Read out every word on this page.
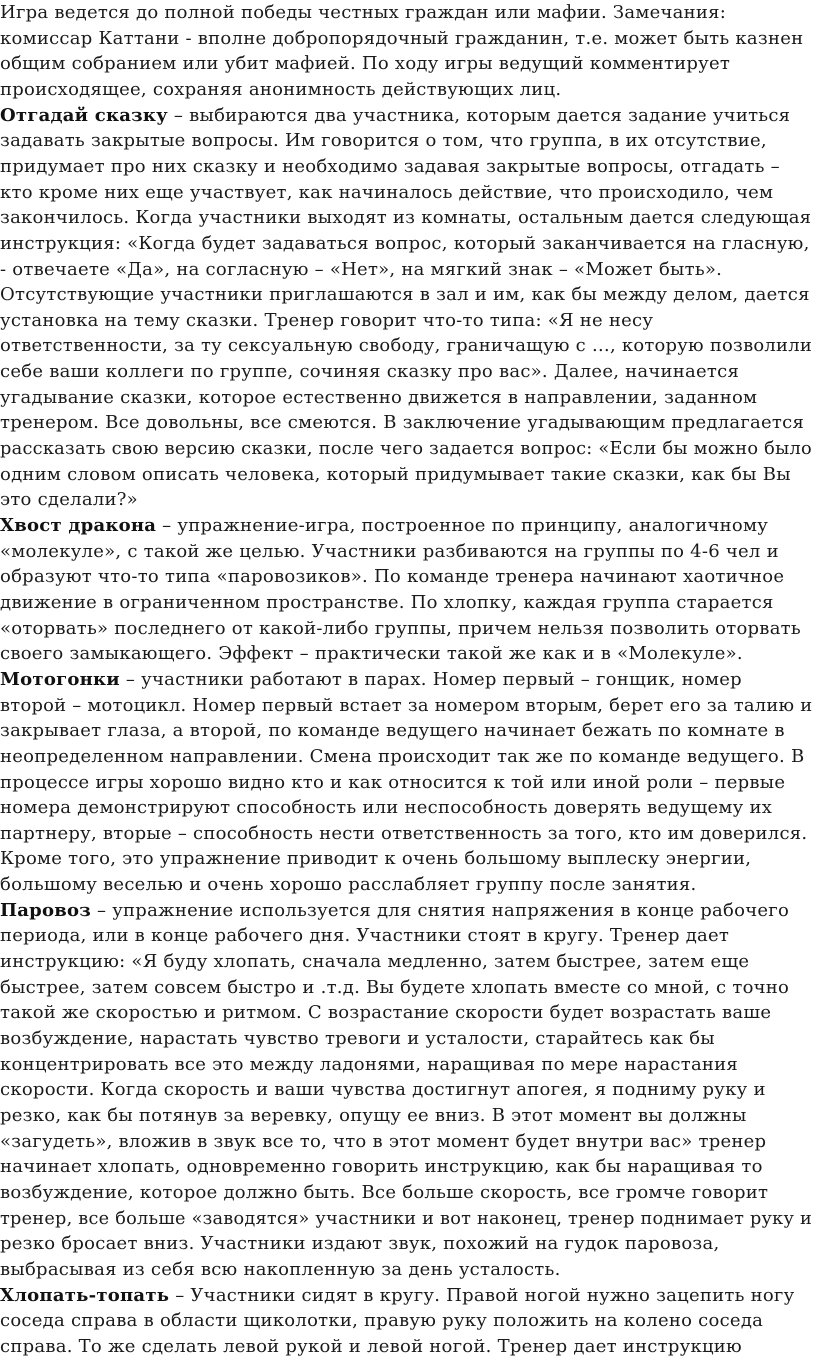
Игра ведется до полной победы честных граждан или мафии. Замечания:
комиссар Каттани - вполне добропорядочный гражданин, т.е. может быть казнен
общим собранием или убит мафией. По ходу игры ведущий комментирует
происходящее, сохраняя анонимность действующих лиц.
Отгадай сказку – выбираются два участника, которым дается задание учиться
задавать закрытые вопросы. Им говорится о том, что группа, в их отсутствие,
придумает про них сказку и необходимо задавая закрытые вопросы, отгадать –
кто кроме них еще участвует, как начиналось действие, что происходило, чем
закончилось. Когда участники выходят из комнаты, остальным дается следующая
инструкция: «Когда будет задаваться вопрос, который заканчивается на гласную,
- отвечаете «Да», на согласную – «Нет», на мягкий знак – «Может быть».
Отсутствующие участники приглашаются в зал и им, как бы между делом, дается
установка на тему сказки. Тренер говорит что-то типа: «Я не несу
ответственности, за ту сексуальную свободу, граничащую с …, которую позволили
себе ваши коллеги по группе, сочиняя сказку про вас». Далее, начинается
угадывание сказки, которое естественно движется в направлении, заданном
тренером. Все довольны, все смеются. В заключение угадывающим предлагается
рассказать свою версию сказки, после чего задается вопрос: «Если бы можно было
одним словом описать человека, который придумывает такие сказки, как бы Вы
это сделали?»
Хвост дракона – упражнение-игра, построенное по принципу, аналогичному
«молекуле», с такой же целью. Участники разбиваются на группы по 4-6 чел и
образуют что-то типа «паровозиков». По команде тренера начинают хаотичное
движение в ограниченном пространстве. По хлопку, каждая группа старается
«оторвать» последнего от какой-либо группы, причем нельзя позволить оторвать
своего замыкающего. Эффект – практически такой же как и в «Молекуле».
Мотогонки – участники работают в парах. Номер первый – гонщик, номер
второй – мотоцикл. Номер первый встает за номером вторым, берет его за талию и
закрывает глаза, а второй, по команде ведущего начинает бежать по комнате в
неопределенном направлении. Смена происходит так же по команде ведущего. В
процессе игры хорошо видно кто и как относится к той или иной роли – первые
номера демонстрируют способность или неспособность доверять ведущему их
партнеру, вторые – способность нести ответственность за того, кто им доверился.
Кроме того, это упражнение приводит к очень большому выплеску энергии,
большому веселью и очень хорошо расслабляет группу после занятия.
Паровоз – упражнение используется для снятия напряжения в конце рабочего
периода, или в конце рабочего дня. Участники стоят в кругу. Тренер дает
инструкцию: «Я буду хлопать, сначала медленно, затем быстрее, затем еще
быстрее, затем совсем быстро и .т.д. Вы будете хлопать вместе со мной, с точно
такой же скоростью и ритмом. С возрастание скорости будет возрастать ваше
возбуждение, нарастать чувство тревоги и усталости, старайтесь как бы
концентрировать все это между ладонями, наращивая по мере нарастания
скорости. Когда скорость и ваши чувства достигнут апогея, я подниму руку и
резко, как бы потянув за веревку, опущу ее вниз. В этот момент вы должны
«загудеть», вложив в звук все то, что в этот момент будет внутри вас» тренер
начинает хлопать, одновременно говорить инструкцию, как бы наращивая то
возбуждение, которое должно быть. Все больше скорость, все громче говорит
тренер, все больше «заводятся» участники и вот наконец, тренер поднимает руку и
резко бросает вниз. Участники издают звук, похожий на гудок паровоза,
выбрасывая из себя всю накопленную за день усталость.
Хлопать-топать – Участники сидят в кругу. Правой ногой нужно зацепить ногу
соседа справа в области щиколотки, правую руку положить на колено соседа
справа. То же сделать левой рукой и левой ногой. Тренер дает инструкцию
